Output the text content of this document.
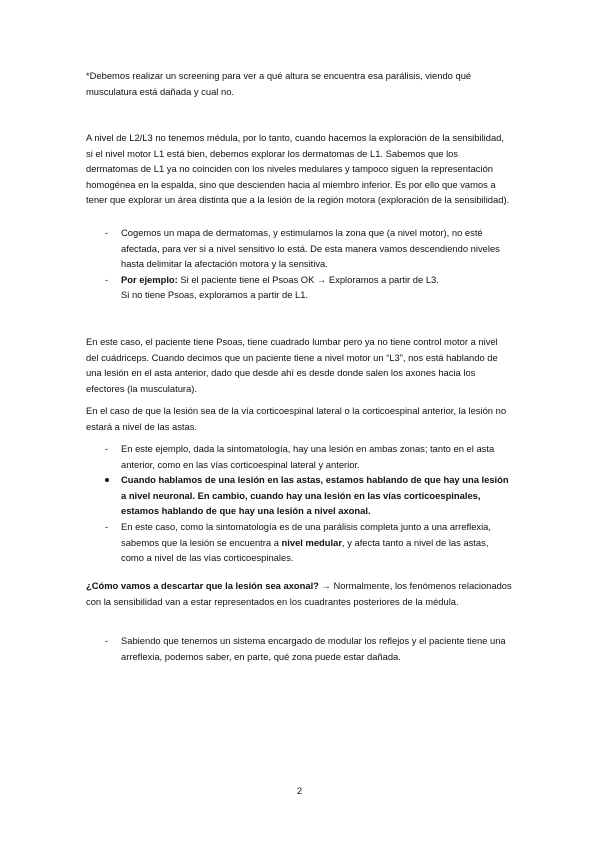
*Debemos realizar un screening para ver a qué altura se encuentra esa parálisis, viendo qué musculatura está dañada y cual no.

A nivel de L2/L3 no tenemos médula, por lo tanto, cuando hacemos la exploración de la sensibilidad, si el nivel motor L1 está bien, debemos explorar los dermatomas de L1. Sabemos que los dermatomas de L1 ya no coinciden con los niveles medulares y tampoco siguen la representación homogénea en la espalda, sino que descienden hacia al miembro inferior. Es por ello que vamos a tener que explorar un área distinta que a la lesión de la región motora (exploración de la sensibilidad).

- Cogemos un mapa de dermatomas, y estimulamos la zona que (a nivel motor), no esté afectada, para ver si a nivel sensitivo lo está. De esta manera vamos descendiendo niveles hasta delimitar la afectación motora y la sensitiva.
- Por ejemplo: Si el paciente tiene el Psoas OK → Exploramos a partir de L3.
Si no tiene Psoas, exploramos a partir de L1.

En este caso, el paciente tiene Psoas, tiene cuadrado lumbar pero ya no tiene control motor a nivel del cuádriceps. Cuando decimos que un paciente tiene a nivel motor un “L3”, nos está hablando de una lesión en el asta anterior, dado que desde ahí es desde donde salen los axones hacia los efectores (la musculatura).

En el caso de que la lesión sea de la vía corticoespinal lateral o la corticoespinal anterior, la lesión no estará a nivel de las astas.

- En este ejemplo, dada la sintomatología, hay una lesión en ambas zonas; tanto en el asta anterior, como en las vías corticoespinal lateral y anterior.
Cuando hablamos de una lesión en las astas, estamos hablando de que hay una lesión a nivel neuronal. En cambio, cuando hay una lesión en las vías corticoespinales, estamos hablando de que hay una lesión a nivel axonal.
- En este caso, como la sintomatología es de una parálisis completa junto a una arreflexia, sabemos que la lesión se encuentra a nivel medular, y afecta tanto a nivel de las astas, como a nivel de las vías corticoespinales.

¿Cómo vamos a descartar que la lesión sea axonal? → Normalmente, los fenómenos relacionados con la sensibilidad van a estar representados en los cuadrantes posteriores de la médula.

- Sabiendo que tenemos un sistema encargado de modular los reflejos y el paciente tiene una arreflexia, podemos saber, en parte, qué zona puede estar dañada.
2
